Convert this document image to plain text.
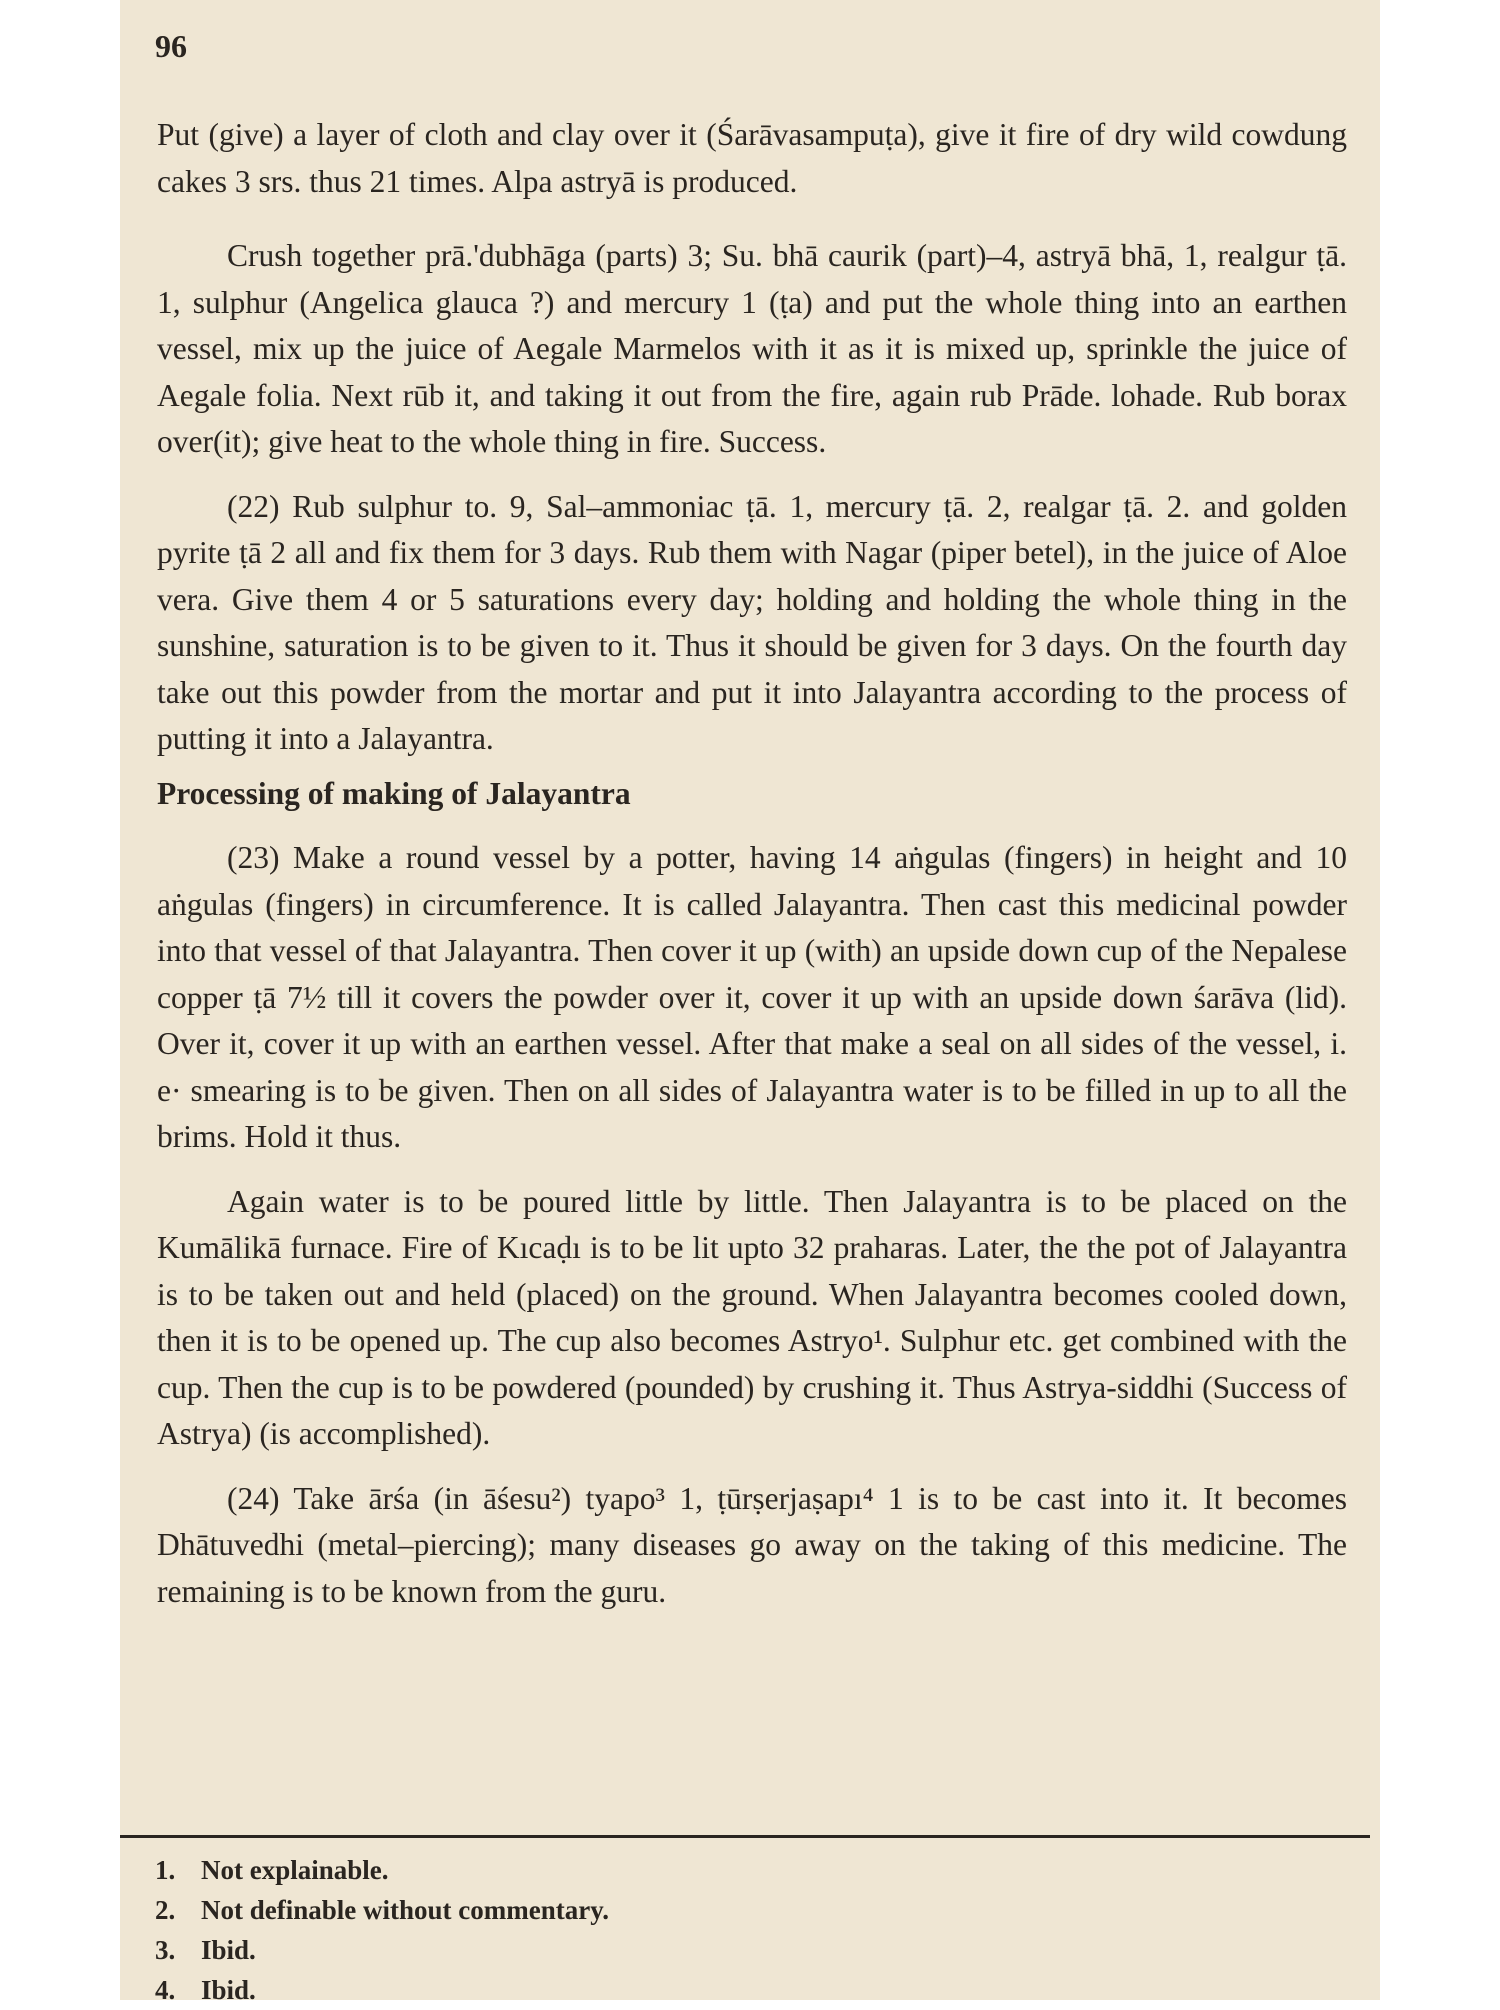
96

Put (give) a layer of cloth and clay over it (Śarāvasampuṭa), give it fire of dry wild cowdung cakes 3 srs. thus 21 times. Alpa astryā is produced.

Crush together prā.'dubhāga (parts) 3; Su. bhā caurik (part)–4, astryā bhā, 1, realgur ṭā. 1, sulphur (Angelica glauca ?) and mercury 1 (ṭa) and put the whole thing into an earthen vessel, mix up the juice of Aegale Marmelos with it as it is mixed up, sprinkle the juice of Aegale folia. Next rūb it, and taking it out from the fire, again rub Prāde. lohade. Rub borax over(it); give heat to the whole thing in fire. Success.

(22) Rub sulphur to. 9, Sal–ammoniac ṭā. 1, mercury ṭā. 2, realgar ṭā. 2. and golden pyrite ṭā 2 all and fix them for 3 days. Rub them with Nagar (piper betel), in the juice of Aloe vera. Give them 4 or 5 saturations every day; holding and holding the whole thing in the sunshine, saturation is to be given to it. Thus it should be given for 3 days. On the fourth day take out this powder from the mortar and put it into Jalayantra according to the process of putting it into a Jalayantra.

Processing of making of Jalayantra

(23) Make a round vessel by a potter, having 14 aṅgulas (fingers) in height and 10 aṅgulas (fingers) in circumference. It is called Jalayantra. Then cast this medicinal powder into that vessel of that Jalayantra. Then cover it up (with) an upside down cup of the Nepalese copper ṭā 7½ till it covers the powder over it, cover it up with an upside down śarāva (lid). Over it, cover it up with an earthen vessel. After that make a seal on all sides of the vessel, i. e· smearing is to be given. Then on all sides of Jalayantra water is to be filled in up to all the brims. Hold it thus.

Again water is to be poured little by little. Then Jalayantra is to be placed on the Kumālikā furnace. Fire of Kıcaḍı is to be lit upto 32 praharas. Later, the the pot of Jalayantra is to be taken out and held (placed) on the ground. When Jalayantra becomes cooled down, then it is to be opened up. The cup also becomes Astryo¹. Sulphur etc. get combined with the cup. Then the cup is to be powdered (pounded) by crushing it. Thus Astrya-siddhi (Success of Astrya) (is accomplished).

(24) Take ārśa (in āśesu²) tyapo³ 1, ṭūrṣerjaṣapı⁴ 1 is to be cast into it. It becomes Dhātuvedhi (metal–piercing); many diseases go away on the taking of this medicine. The remaining is to be known from the guru.

1. Not explainable.
2. Not definable without commentary.
3. Ibid.
4. Ibid.
